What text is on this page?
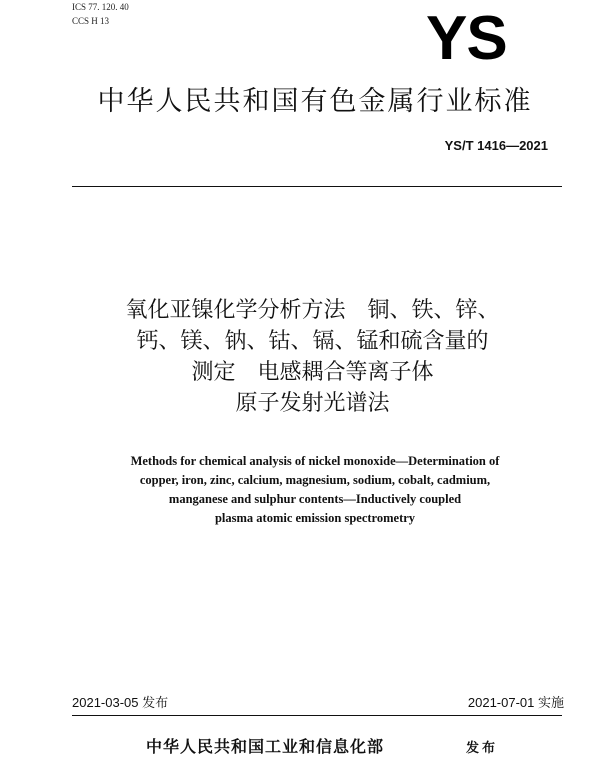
ICS 77. 120. 40
CCS H 13	YS
中华人民共和国有色金属行业标准
YS/T 1416—2021
氧化亚镍化学分析方法　铜、铁、锌、
钙、镁、钠、钴、镉、锰和硫含量的
测定　电感耦合等离子体
原子发射光谱法
Methods for chemical analysis of nickel monoxide—Determination of
copper, iron, zinc, calcium, magnesium, sodium, cobalt, cadmium,
manganese and sulphur contents—Inductively coupled
plasma atomic emission spectrometry
2021-03-05 发布	2021-07-01 实施
中华人民共和国工业和信息化部	发布
